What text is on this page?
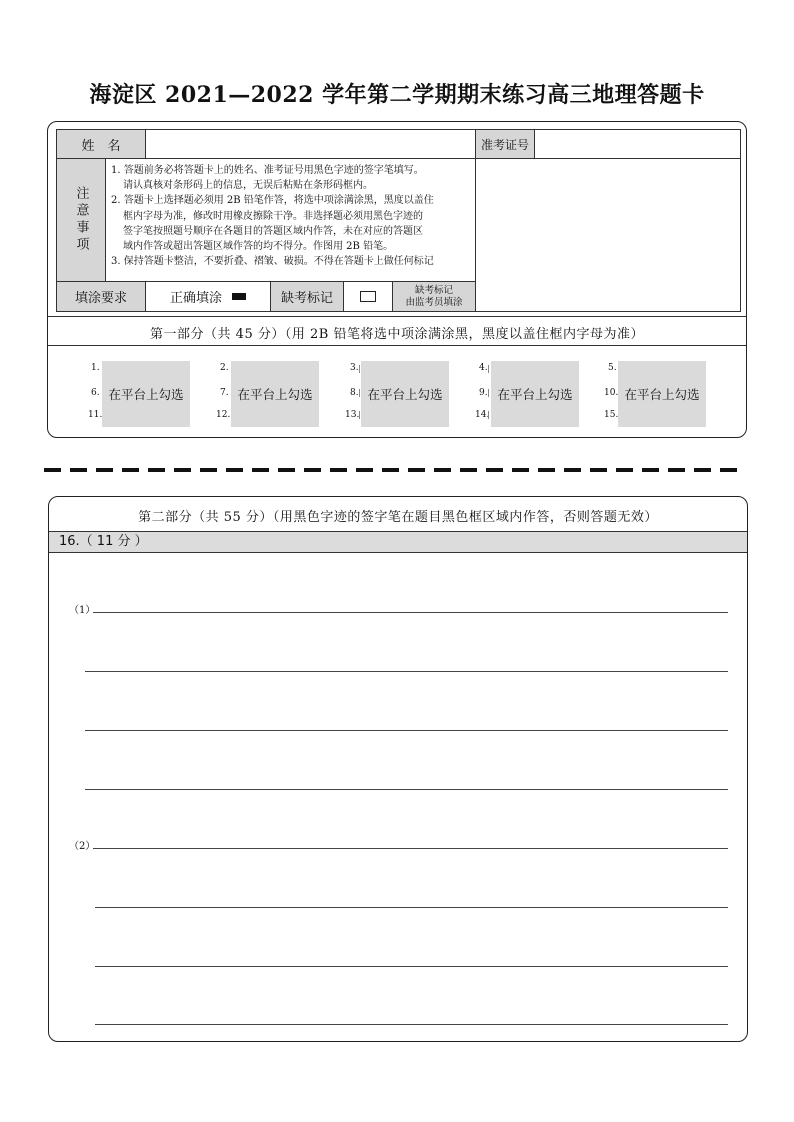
海淀区 2021—2022 学年第二学期期末练习高三地理答题卡
姓　名	准考证号
注意事项

1. 答题前务必将答题卡上的姓名、准考证号用黑色字迹的签字笔填写。

请认真核对条形码上的信息，无误后粘贴在条形码框内。

2. 答题卡上选择题必须用 2B 铅笔作答，将选中项涂满涂黑，黑度以盖住

框内字母为准，修改时用橡皮擦除干净。非选择题必须用黑色字迹的

签字笔按照题号顺序在各题目的答题区域内作答，未在对应的答题区

域内作答或超出答题区域作答的均不得分。作图用 2B 铅笔。

3. 保持答题卡整洁，不要折叠、褶皱、破损。不得在答题卡上做任何标记

填涂要求	正确填涂	缺考标记
缺考标记
由监考员填涂
第一部分（共 45 分）（用 2B 铅笔将选中项涂满涂黑，黑度以盖住框内字母为准）
1.
6.
11.
在平台上勾选
2.
7.
12.
在平台上勾选
3.
8.
13.
在平台上勾选
4.
9.
14.
在平台上勾选
5.
10.
15.
在平台上勾选
第二部分（共 55 分）（用黑色字迹的签字笔在题目黑色框区域内作答，否则答题无效）
16.（ 11 分 ）
（1）
（2）
